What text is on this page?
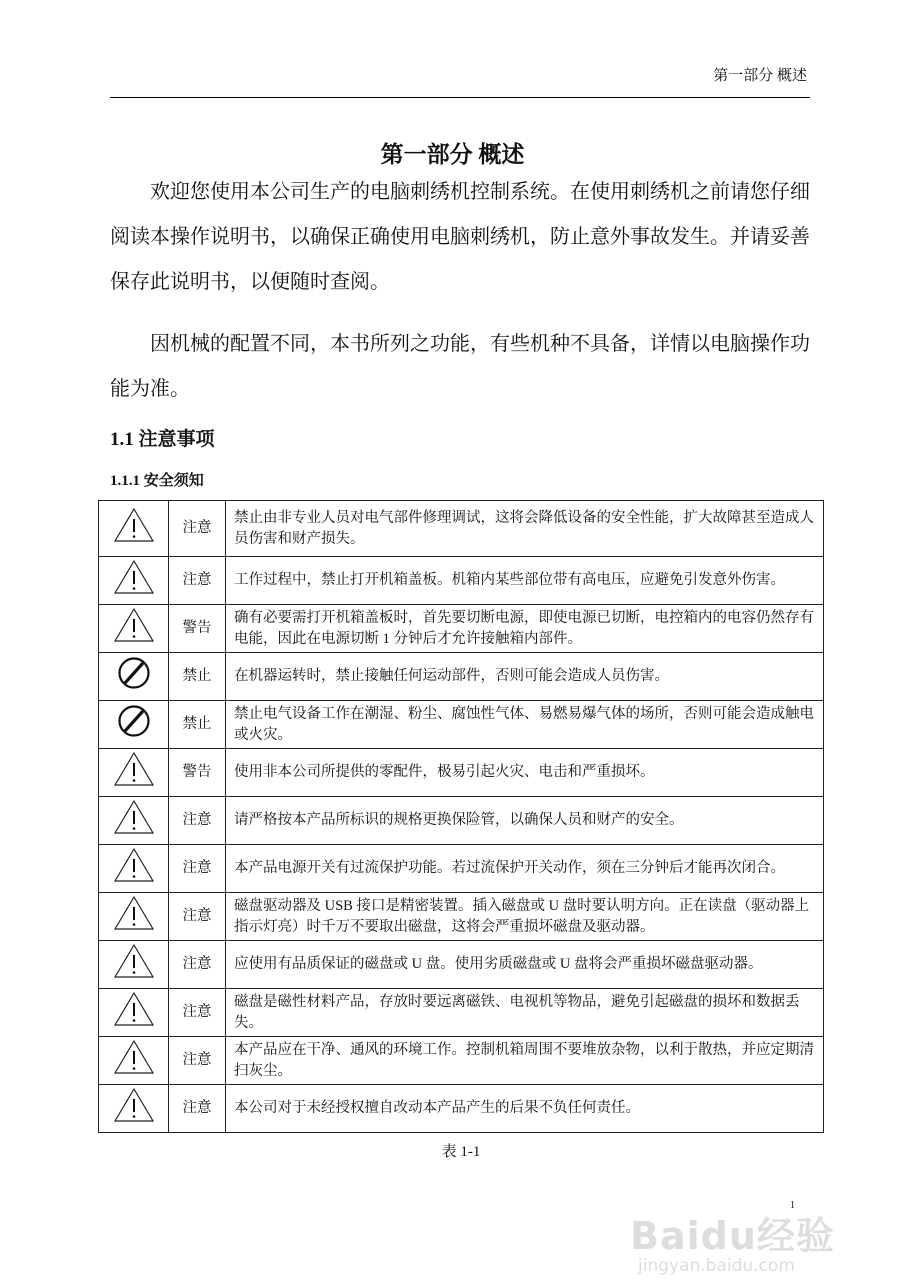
第一部分 概述
第一部分 概述

欢迎您使用本公司生产的电脑刺绣机控制系统。在使用刺绣机之前请您仔细阅读本操作说明书，以确保正确使用电脑刺绣机，防止意外事故发生。并请妥善保存此说明书，以便随时查阅。

因机械的配置不同，本书所列之功能，有些机种不具备，详情以电脑操作功能为准。

1.1 注意事项
1.1.1 安全须知
	注意	禁止由非专业人员对电气部件修理调试，这将会降低设备的安全性能，扩大故障甚至造成人员伤害和财产损失。
	注意	工作过程中，禁止打开机箱盖板。机箱内某些部位带有高电压，应避免引发意外伤害。
	警告	确有必要需打开机箱盖板时，首先要切断电源，即使电源已切断，电控箱内的电容仍然存有电能，因此在电源切断 1 分钟后才允许接触箱内部件。
	禁止	在机器运转时，禁止接触任何运动部件，否则可能会造成人员伤害。
	禁止	禁止电气设备工作在潮湿、粉尘、腐蚀性气体、易燃易爆气体的场所，否则可能会造成触电或火灾。
	警告	使用非本公司所提供的零配件，极易引起火灾、电击和严重损坏。
	注意	请严格按本产品所标识的规格更换保险管，以确保人员和财产的安全。
	注意	本产品电源开关有过流保护功能。若过流保护开关动作，须在三分钟后才能再次闭合。
	注意	磁盘驱动器及 USB 接口是精密装置。插入磁盘或 U 盘时要认明方向。正在读盘（驱动器上指示灯亮）时千万不要取出磁盘，这将会严重损坏磁盘及驱动器。
	注意	应使用有品质保证的磁盘或 U 盘。使用劣质磁盘或 U 盘将会严重损坏磁盘驱动器。
	注意	磁盘是磁性材料产品，存放时要远离磁铁、电视机等物品，避免引起磁盘的损坏和数据丢失。
	注意	本产品应在干净、通风的环境工作。控制机箱周围不要堆放杂物，以利于散热，并应定期清扫灰尘。
	注意	本公司对于未经授权擅自改动本产品产生的后果不负任何责任。
表 1-1
1
Baidu经验
jingyan.baidu.com
